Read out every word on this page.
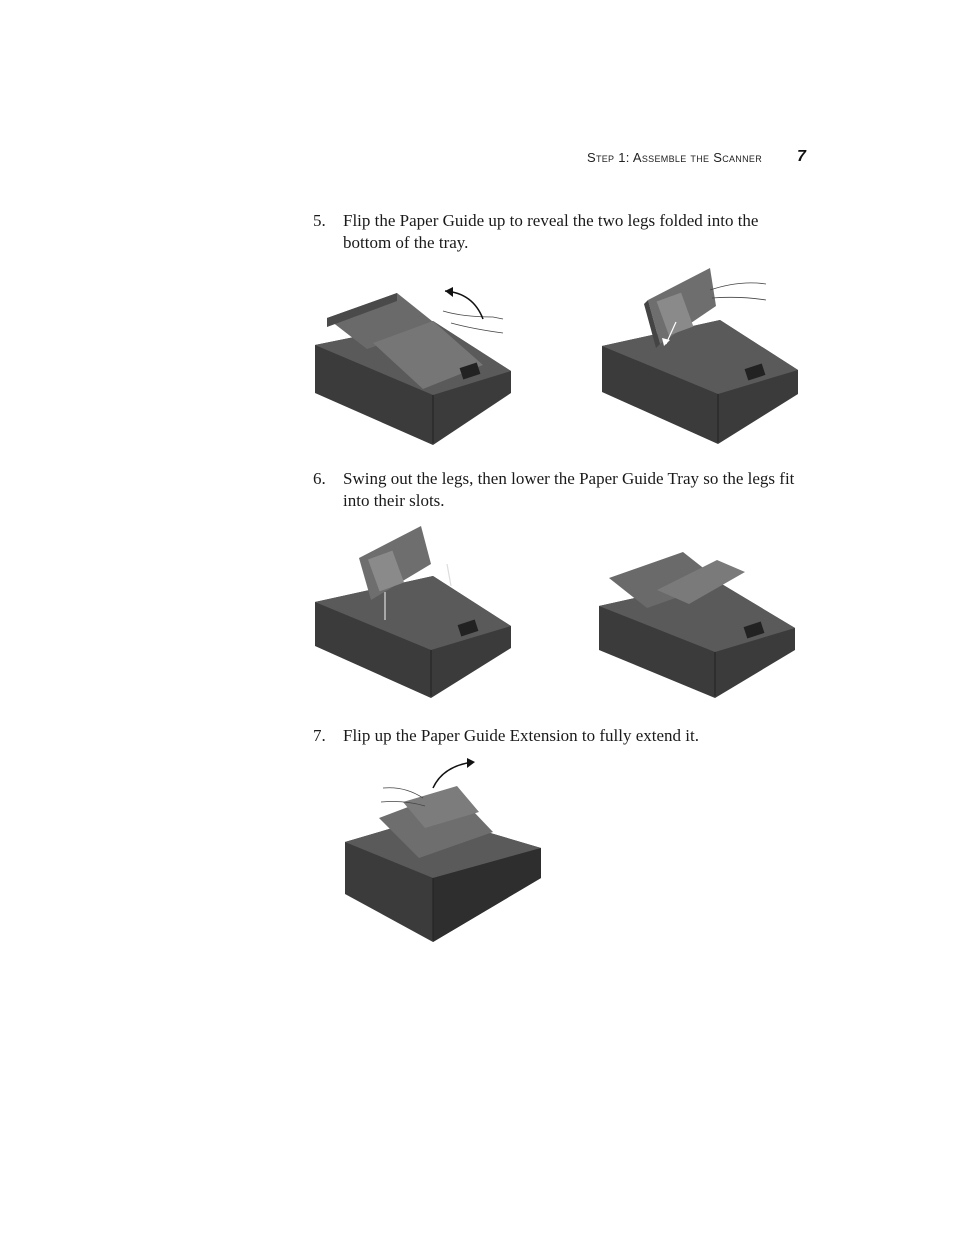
Step 1: Assemble the Scanner 7
5. Flip the Paper Guide up to reveal the two legs folded into the bottom of the tray.
6. Swing out the legs, then lower the Paper Guide Tray so the legs fit into their slots.
7. Flip up the Paper Guide Extension to fully extend it.
